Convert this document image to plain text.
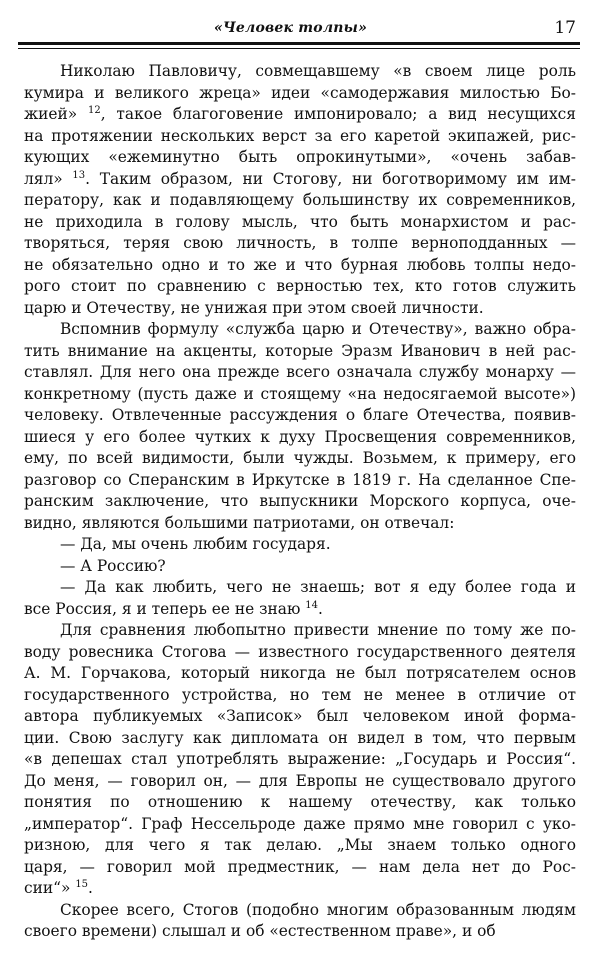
«Человек толпы»	17
Николаю Павловичу, совмещавшему «в своем лице роль
кумира и великого жреца» идеи «самодержавия милостью Бо-
жией» $^{12}$, такое благоговение импонировало; а вид несущихся
на протяжении нескольких верст за его каретой экипажей, рис-
кующих «ежеминутно быть опрокинутыми», «очень забав-
лял» $^{13}$. Таким образом, ни Стогову, ни боготворимому им им-
ператору, как и подавляющему большинству их современников,
не приходила в голову мысль, что быть монархистом и рас-
творяться, теряя свою личность, в толпе верноподданных —
не обязательно одно и то же и что бурная любовь толпы недо-
рого стоит по сравнению с верностью тех, кто готов служить
царю и Отечеству, не унижая при этом своей личности.
Вспомнив формулу «служба царю и Отечеству», важно обра-
тить внимание на акценты, которые Эразм Иванович в ней рас-
ставлял. Для него она прежде всего означала службу монарху —
конкретному (пусть даже и стоящему «на недосягаемой высоте»)
человеку. Отвлеченные рассуждения о благе Отечества, появив-
шиеся у его более чутких к духу Просвещения современников,
ему, по всей видимости, были чужды. Возьмем, к примеру, его
разговор со Сперанским в Иркутске в 1819 г. На сделанное Спе-
ранским заключение, что выпускники Морского корпуса, оче-
видно, являются большими патриотами, он отвечал:
— Да, мы очень любим государя.
— А Россию?
— Да как любить, чего не знаешь; вот я еду более года и
все Россия, я и теперь ее не знаю $^{14}$.
Для сравнения любопытно привести мнение по тому же по-
воду ровесника Стогова — известного государственного деятеля
А. М. Горчакова, который никогда не был потрясателем основ
государственного устройства, но тем не менее в отличие от
автора публикуемых «Записок» был человеком иной форма-
ции. Свою заслугу как дипломата он видел в том, что первым
«в депешах стал употреблять выражение: „Государь и Россия“.
До меня, — говорил он, — для Европы не существовало другого
понятия по отношению к нашему отечеству, как только
„император“. Граф Нессельроде даже прямо мне говорил с уко-
ризною, для чего я так делаю. „Мы знаем только одного
царя, — говорил мой предместник, — нам дела нет до Рос-
сии“» $^{15}$.
Скорее всего, Стогов (подобно многим образованным людям
своего времени) слышал и об «естественном праве», и об
